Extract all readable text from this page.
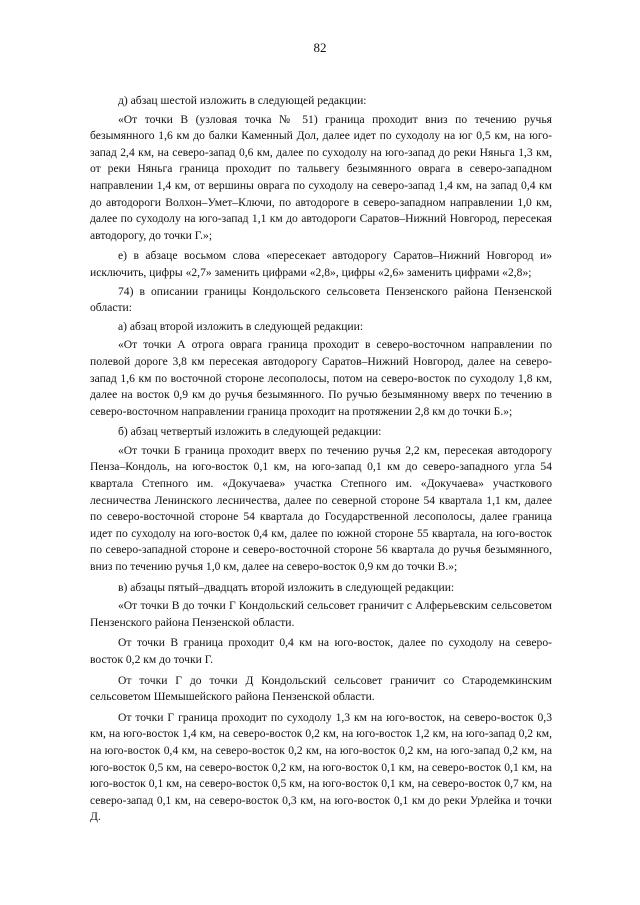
82

д) абзац шестой изложить в следующей редакции:

«От точки В (узловая точка № 51) граница проходит вниз по течению ручья безымянного 1,6 км до балки Каменный Дол, далее идет по суходолу на юг 0,5 км, на юго-запад 2,4 км, на северо-запад 0,6 км, далее по суходолу на юго-запад до реки Няньга 1,3 км, от реки Няньга граница проходит по тальвегу безымянного оврага в северо-западном направлении 1,4 км, от вершины оврага по суходолу на северо-запад 1,4 км, на запад 0,4 км до автодороги Волхон–Умет–Ключи, по автодороге в северо-западном направлении 1,0 км, далее по суходолу на юго-запад 1,1 км до автодороги Саратов–Нижний Новгород, пересекая автодорогу, до точки Г.»;

е) в абзаце восьмом слова «пересекает автодорогу Саратов–Нижний Новгород и» исключить, цифры «2,7» заменить цифрами «2,8», цифры «2,6» заменить цифрами «2,8»;

74) в описании границы Кондольского сельсовета Пензенского района Пензенской области:

а) абзац второй изложить в следующей редакции:

«От точки А отрога оврага граница проходит в северо-восточном направлении по полевой дороге 3,8 км пересекая автодорогу Саратов–Нижний Новгород, далее на северо-запад 1,6 км по восточной стороне лесополосы, потом на северо-восток по суходолу 1,8 км, далее на восток 0,9 км до ручья безымянного. По ручью безымянному вверх по течению в северо-восточном направлении граница проходит на протяжении 2,8 км до точки Б.»;

б) абзац четвертый изложить в следующей редакции:

«От точки Б граница проходит вверх по течению ручья 2,2 км, пересекая автодорогу Пенза–Кондоль, на юго-восток 0,1 км, на юго-запад 0,1 км до северо-западного угла 54 квартала Степного им. «Докучаева» участка Степного им. «Докучаева» участкового лесничества Ленинского лесничества, далее по северной стороне 54 квартала 1,1 км, далее по северо-восточной стороне 54 квартала до Государственной лесополосы, далее граница идет по суходолу на юго-восток 0,4 км, далее по южной стороне 55 квартала, на юго-восток по северо-западной стороне и северо-восточной стороне 56 квартала до ручья безымянного, вниз по течению ручья 1,0 км, далее на северо-восток 0,9 км до точки В.»;

в) абзацы пятый–двадцать второй изложить в следующей редакции:

«От точки В до точки Г Кондольский сельсовет граничит с Алферьевским сельсоветом Пензенского района Пензенской области.

От точки В граница проходит 0,4 км на юго-восток, далее по суходолу на северо-восток 0,2 км до точки Г.

От точки Г до точки Д Кондольский сельсовет граничит со Стародемкинским сельсоветом Шемышейского района Пензенской области.

От точки Г граница проходит по суходолу 1,3 км на юго-восток, на северо-восток 0,3 км, на юго-восток 1,4 км, на северо-восток 0,2 км, на юго-восток 1,2 км, на юго-запад 0,2 км, на юго-восток 0,4 км, на северо-восток 0,2 км, на юго-восток 0,2 км, на юго-запад 0,2 км, на юго-восток 0,5 км, на северо-восток 0,2 км, на юго-восток 0,1 км, на северо-восток 0,1 км, на юго-восток 0,1 км, на северо-восток 0,5 км, на юго-восток 0,1 км, на северо-восток 0,7 км, на северо-запад 0,1 км, на северо-восток 0,3 км, на юго-восток 0,1 км до реки Урлейка и точки Д.
